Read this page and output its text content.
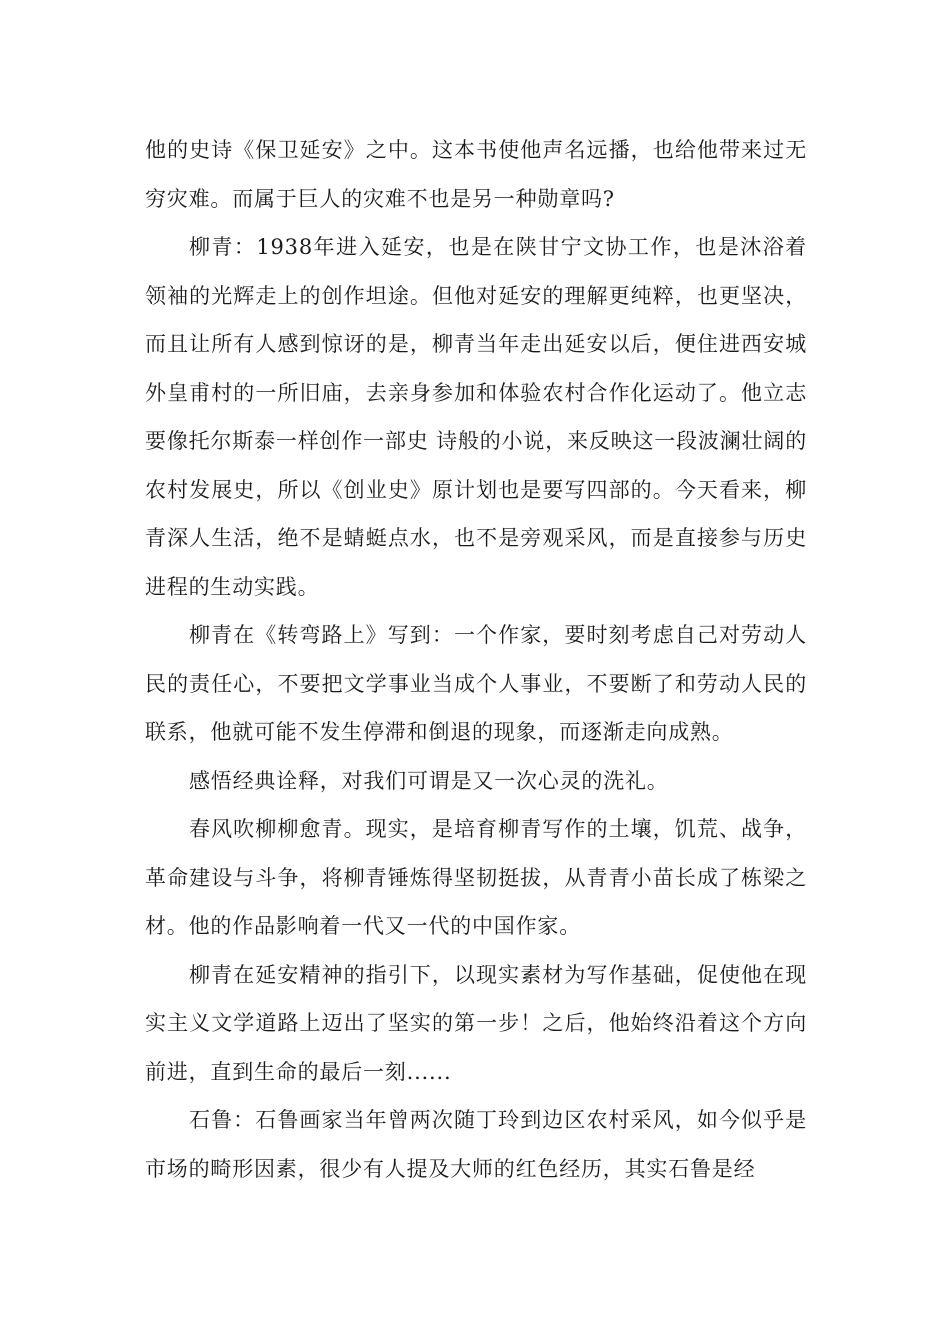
他的史诗《保卫延安》之中。这本书使他声名远播，也给他带来过无穷灾难。而属于巨人的灾难不也是另一种勋章吗?

柳青：1938年进入延安，也是在陕甘宁文协工作，也是沐浴着领袖的光辉走上的创作坦途。但他对延安的理解更纯粹，也更坚决，而且让所有人感到惊讶的是，柳青当年走出延安以后，便住进西安城外皇甫村的一所旧庙，去亲身参加和体验农村合作化运动了。他立志要像托尔斯泰一样创作一部史 诗般的小说，来反映这一段波澜壮阔的农村发展史，所以《创业史》原计划也是要写四部的。今天看来，柳青深人生活，绝不是蜻蜓点水，也不是旁观采风，而是直接参与历史进程的生动实践。

柳青在《转弯路上》写到：一个作家，要时刻考虑自己对劳动人民的责任心，不要把文学事业当成个人事业，不要断了和劳动人民的联系，他就可能不发生停滞和倒退的现象，而逐渐走向成熟。

感悟经典诠释，对我们可谓是又一次心灵的洗礼。

春风吹柳柳愈青。现实，是培育柳青写作的土壤，饥荒、战争，革命建设与斗争，将柳青锤炼得坚韧挺拔，从青青小苗长成了栋梁之材。他的作品影响着一代又一代的中国作家。

柳青在延安精神的指引下，以现实素材为写作基础，促使他在现实主义文学道路上迈出了坚实的第一步！之后，他始终沿着这个方向前进，直到生命的最后一刻......

石鲁：石鲁画家当年曾两次随丁玲到边区农村采风，如今似乎是市场的畸形因素，很少有人提及大师的红色经历，其实石鲁是经
